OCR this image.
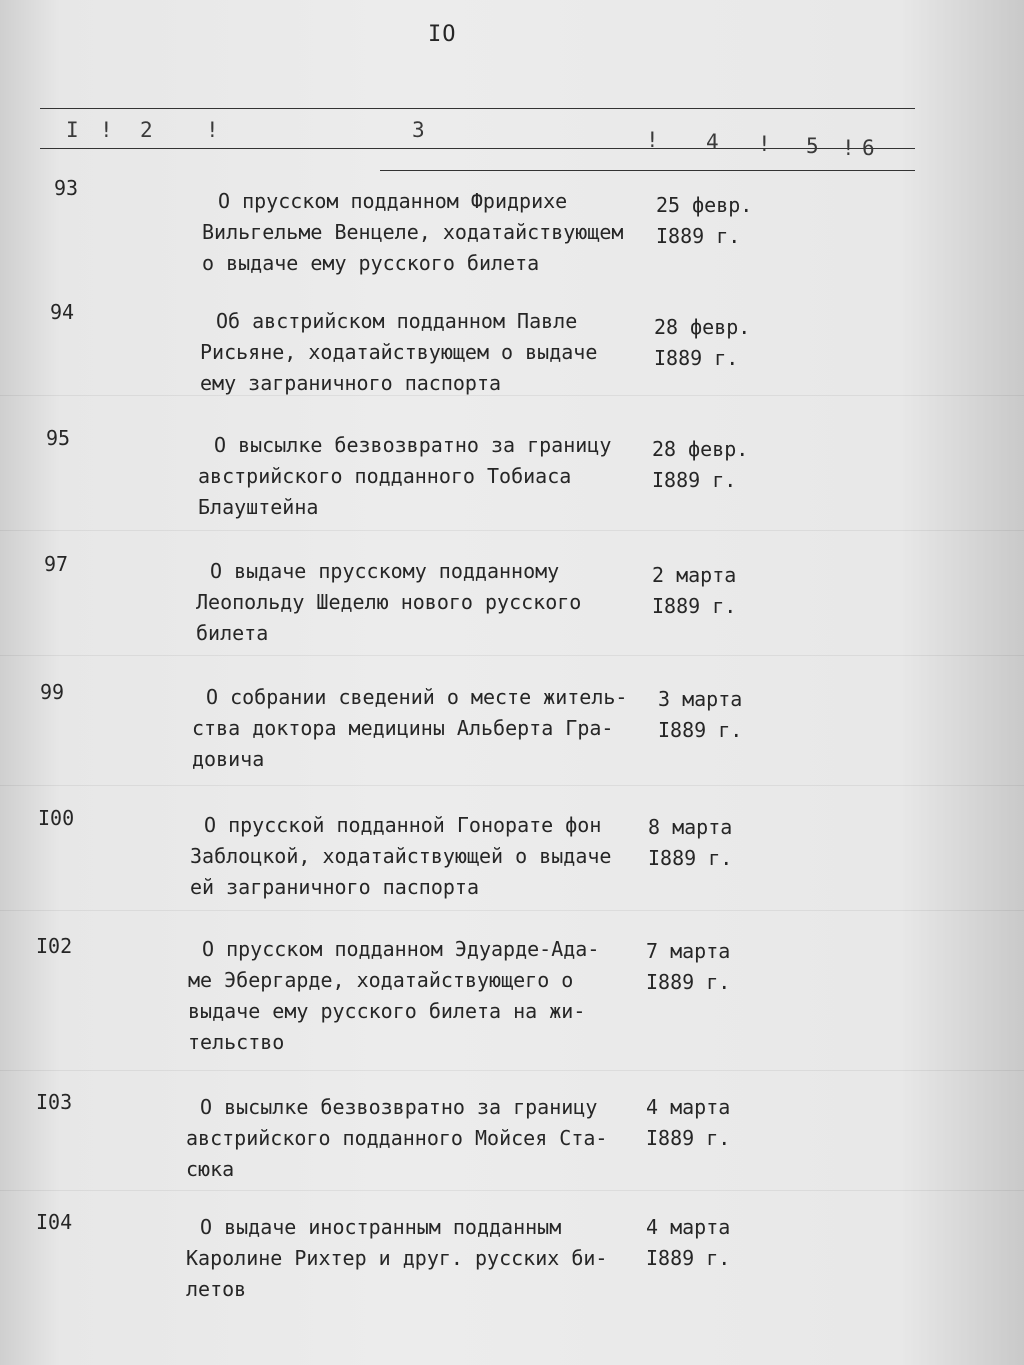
IO
I ! 2	!	3	! 4 ! 5 ! 6
93
О прусском подданном Фридрихе
Вильгельме Венцеле, ходатайствующем
о выдаче ему русского билета
25 февр.
I889 г.
94	Об австрийском подданном Павле
Рисьяне, ходатайствующем о выдаче
ему заграничного паспорта
28 февр.
I889 г.
95	О высылке безвозвратно за границу
австрийского подданного Тобиаса
Блауштейна
28 февр.
I889 г.
97	О выдаче прусскому подданному
Леопольду Шеделю нового русского
билета
2 марта
I889 г.
99	О собрании сведений о месте житель-
ства доктора медицины Альберта Гра-
довича
3 марта
I889 г.
I00	О прусской подданной Гонорате фон
Заблоцкой, ходатайствующей о выдаче
ей заграничного паспорта
8 марта
I889 г.
I02	О прусском подданном Эдуарде-Ада-
ме Эбергарде, ходатайствующего о
выдаче ему русского билета на жи-
тельство
7 марта
I889 г.
I03	О высылке безвозвратно за границу
австрийского подданного Мойсея Ста-
сюка
4 марта
I889 г.
I04	О выдаче иностранным подданным
Каролине Рихтер и друг. русских би-
летов
4 марта
I889 г.
